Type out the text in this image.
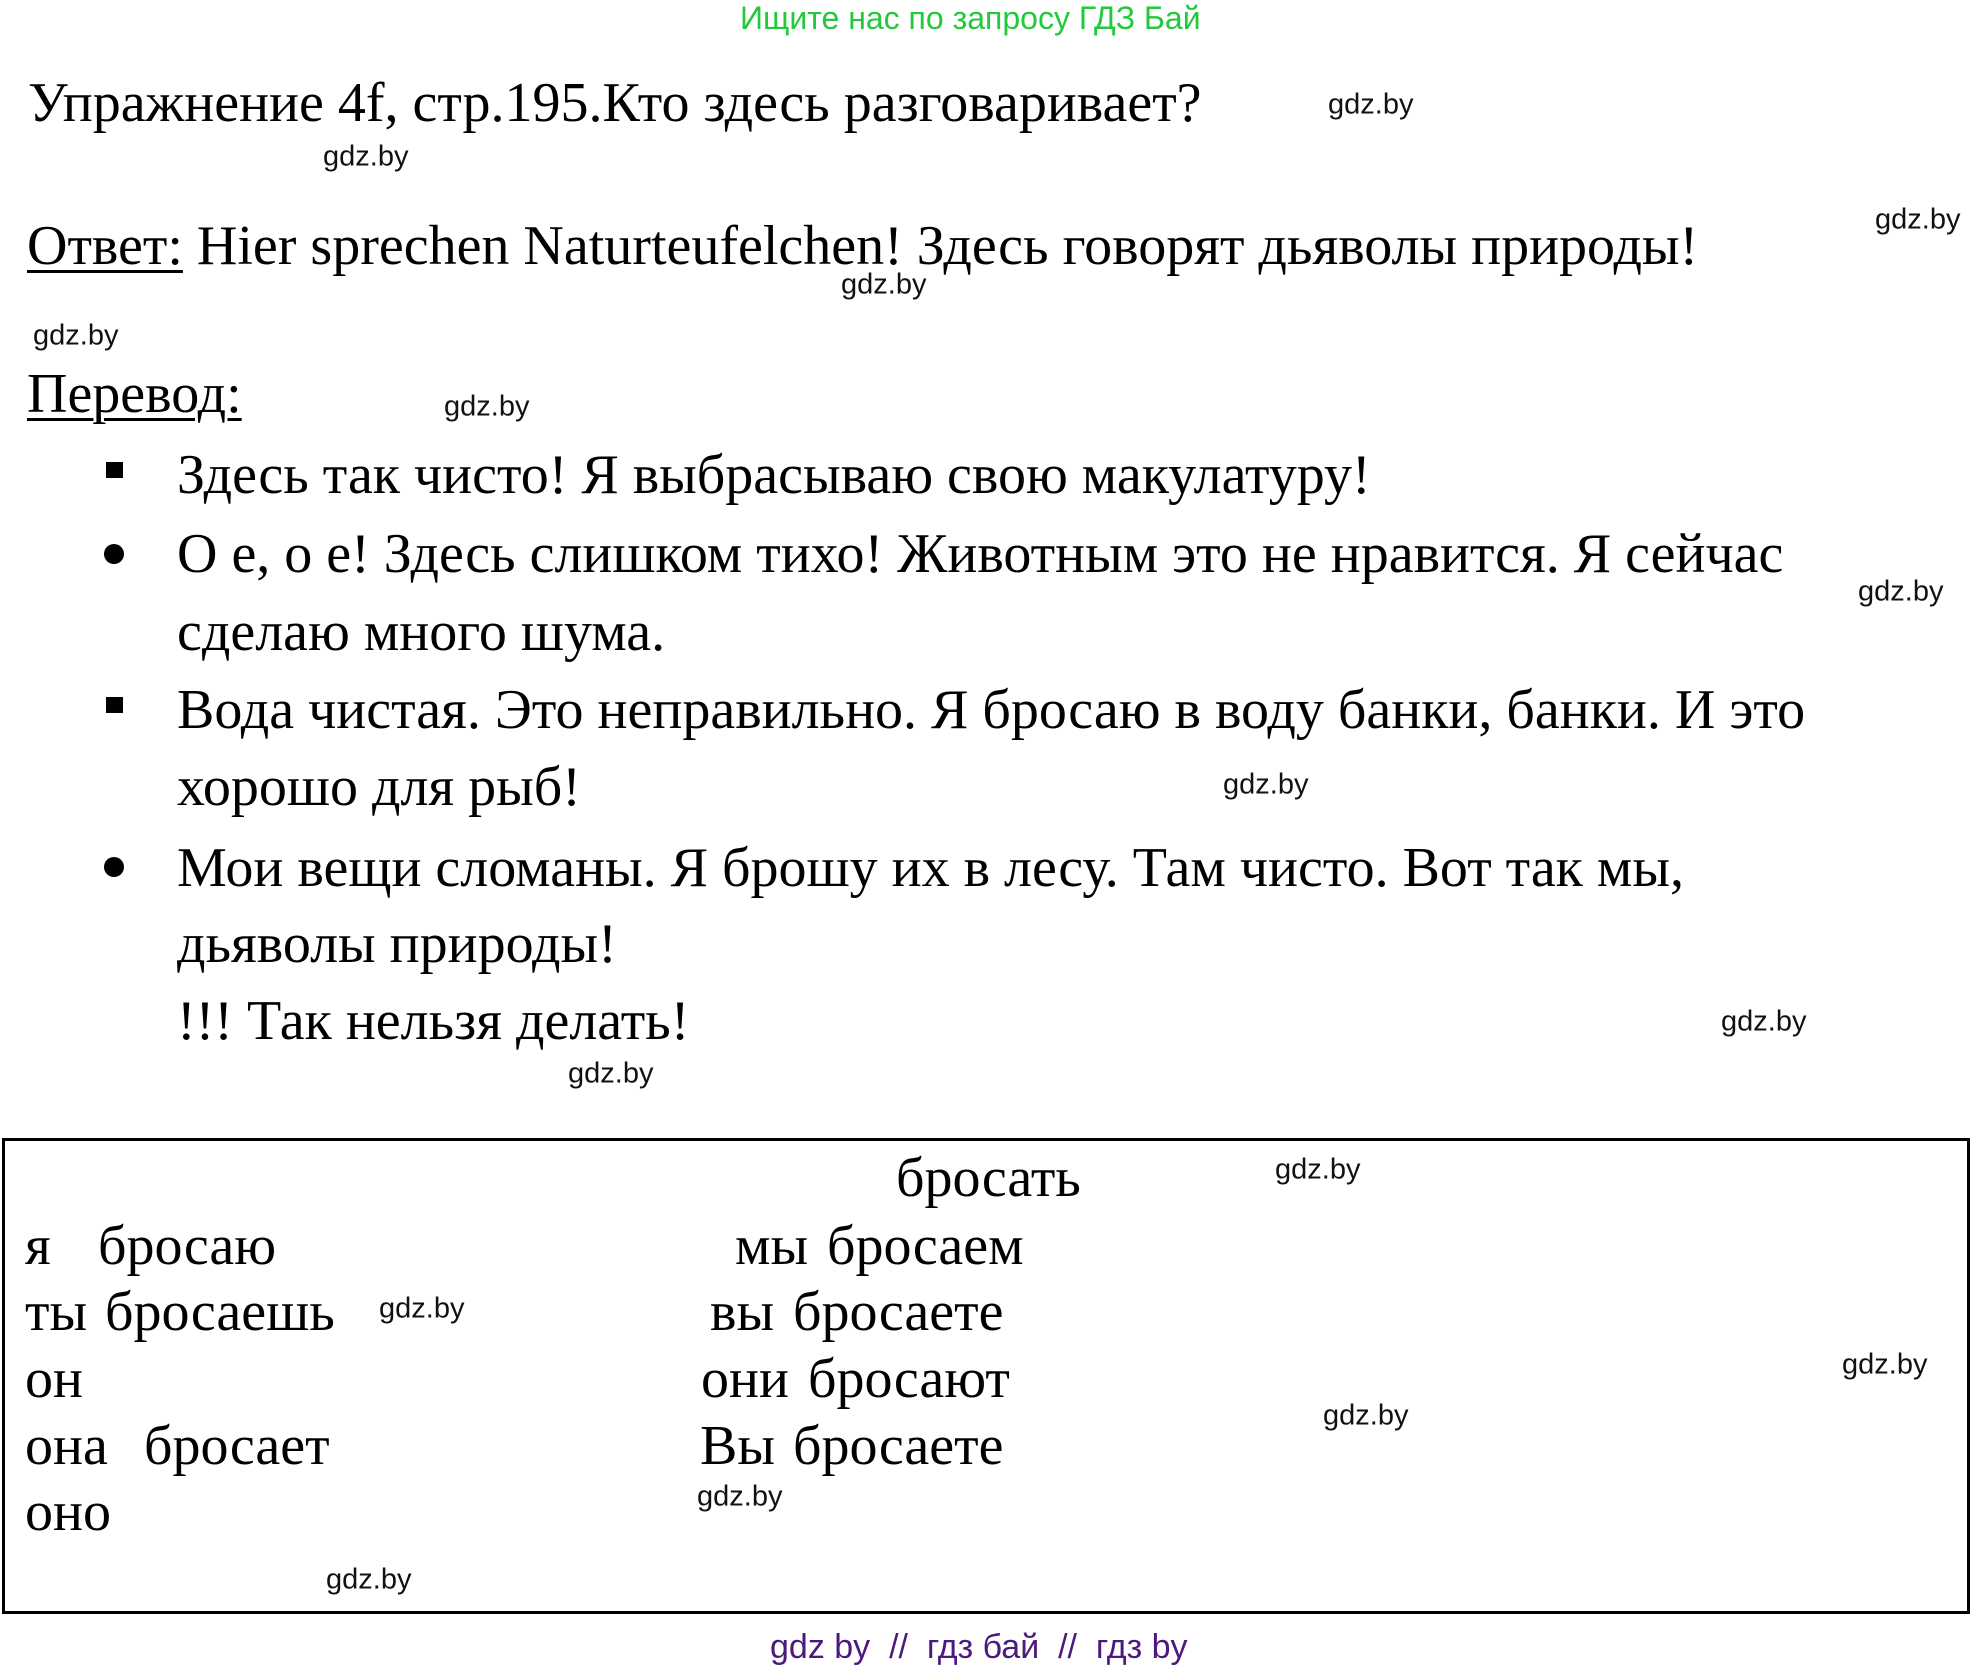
Ищите нас по запросу ГДЗ Бай
Упражнение 4f, стр.195.Кто здесь разговаривает?
Ответ: Hier sprechen Naturteufelchen! Здесь говорят дьяволы природы!
Перевод:
Здесь так чисто! Я выбрасываю свою макулатуру!
О е, о е! Здесь слишком тихо! Животным это не нравится. Я сейчас
сделаю много шума.
Вода чистая. Это неправильно. Я бросаю в воду банки, банки. И это
хорошо для рыб!
Мои вещи сломаны. Я брошу их в лесу. Там чисто. Вот так мы,
дьяволы природы!
!!! Так нельзя делать!
бросать
я бросаю
ты бросаешь
он
она бросает
оно
мы бросаем
вы бросаете
они бросают
Вы бросаете
gdz.by
gdz.by
gdz.by
gdz.by
gdz.by
gdz.by
gdz.by
gdz.by
gdz.by
gdz.by
gdz.by
gdz.by
gdz.by
gdz.by
gdz.by
gdz.by
gdz by  //  гдз бай  //  гдз by
